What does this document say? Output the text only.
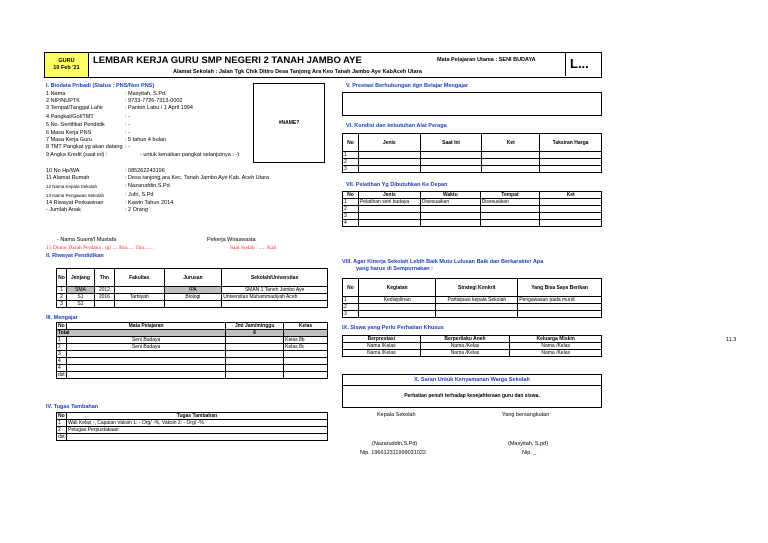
GURU
10 Feb '21
LEMBAR KERJA GURU SMP NEGERI 2 TANAH JAMBO AYE
Alamat Sekolah : Jalan Tgk Chik Ditiro Desa Tanjong Ara Keo Tanah Jambo Aye KabAceh Utara
Mata Pelajaran Utama : SENI BUDAYA	L...
I. Biodata Pribadi (Status : PNS/Non PNS)
1 Nama	: Masyitah, S.Pd.
2 NIP/NUPTK	: 9733-7726-7313-0002
3 Tempat/Tanggal Lahir	: Panton Labu / 1 April 1994
4 Pangkat/Gol/TMT	: -
5 No. Sertifikat Pendidik	: -
6 Masa Kerja PNS	: -
7 Masa Kerja Guru	: 5 tahun 4 bulan
8 TMT Pangkat yg akan datang : -
9 Angka Kredit (saat ini) :	- untuk kenaikan pangkat selanjutnya : -)
10 No Hp/WA	: 085262243196
11 Alamat Rumah	: Desa tanjong ara Kec. Tanah Jambo Aye Kab. Aceh Utara
12 Nama Kepala Sekolah	: Nazaruddin,S.Pd
13 Nama Pengawas Sekolah	: Jufri, S.Pd
14 Riwayat Perkawinan	: Kawin Tahun 2014
- Jumlah Anak	: 2 Orang
#NAME?
- Nama Suami/I Mustafa	Pekerja Wiraswasta
15 Donor Darah Perdana : tgl .... Bln..... Thn.......	Saat Sudah : ..... Kali
II. Riwayat Pendidikan
No	Jenjang	Thn	Fakultas	Jurusan	Sekolah/Universitas
1	SMA	2012		IPA	SMAN 1 Tanoh Jambo Aye
2	S1	2016	Tarbiyah	Biologi	Universitas Muhammadiyah Aceh
3	S2				
III. Mengajar
No	Mata Pelajaran	Jml Jam/minggu	Kelas
Total		6	
1	Seni Budaya		Kelas 8b
2	Seni Budaya		Kelas 8c
3			
4			
4			
dst			
IV. Tugas Tambahan
No	Tugas Tambahan
1	Wali Kelas -, Capaian Vaksin 1: - Org/ -%, Vaksin 2: - Org/ -%
2	Petugas Perpustakaan
dst	
V. Prestasi Berhubungan dgn Belajar Mengajar
VI. Kondisi dan kebutuhan Alat Peraga
No	Jenis	Saat Ini	Ket	Taksiran Harga
1				
2				
3				
VII. Pelatihan Yg Dibutuhkan Ke Depan
No	Jenis	Waktu	Tempat	Ket
1	Pelatihan seni budaya	Disesuaikan	Disesuaikan	
2				
3				
4				
VIII. Agar Kinerja Sekolah Lebih Baik Mutu Lulusan Baik dan Berkarakter Apa
yang harus di Sempurnakan :
No	Kegiatan	Strategi Konkrit	Yang Bisa Saya Berikan
1	Kedisiplinan	Partisipasi kepala Sekolah	Pengawasan pada murid
2			
3			
IX. Siswa yang Perlu Perhatian Khusus
Berprestasi	Berperilaku Aneh	Keluarga Miskin
Nama /Kelas	Nama /Kelas	Nama /Kelas
Nama /Kelas	Nama /Kelas	Nama /Kelas
X. Saran Untuk Kenyamanan Warga Sekolah
Perhatian penuh terhadap kesejahteraan guru dan siswa.
Kepala Sekolah	Yang bersangkutan
(Nazaruddin,S.Pd)	(Masyitah, S.pd)
Nip. 196612311999031022	Nip. _
11.3
